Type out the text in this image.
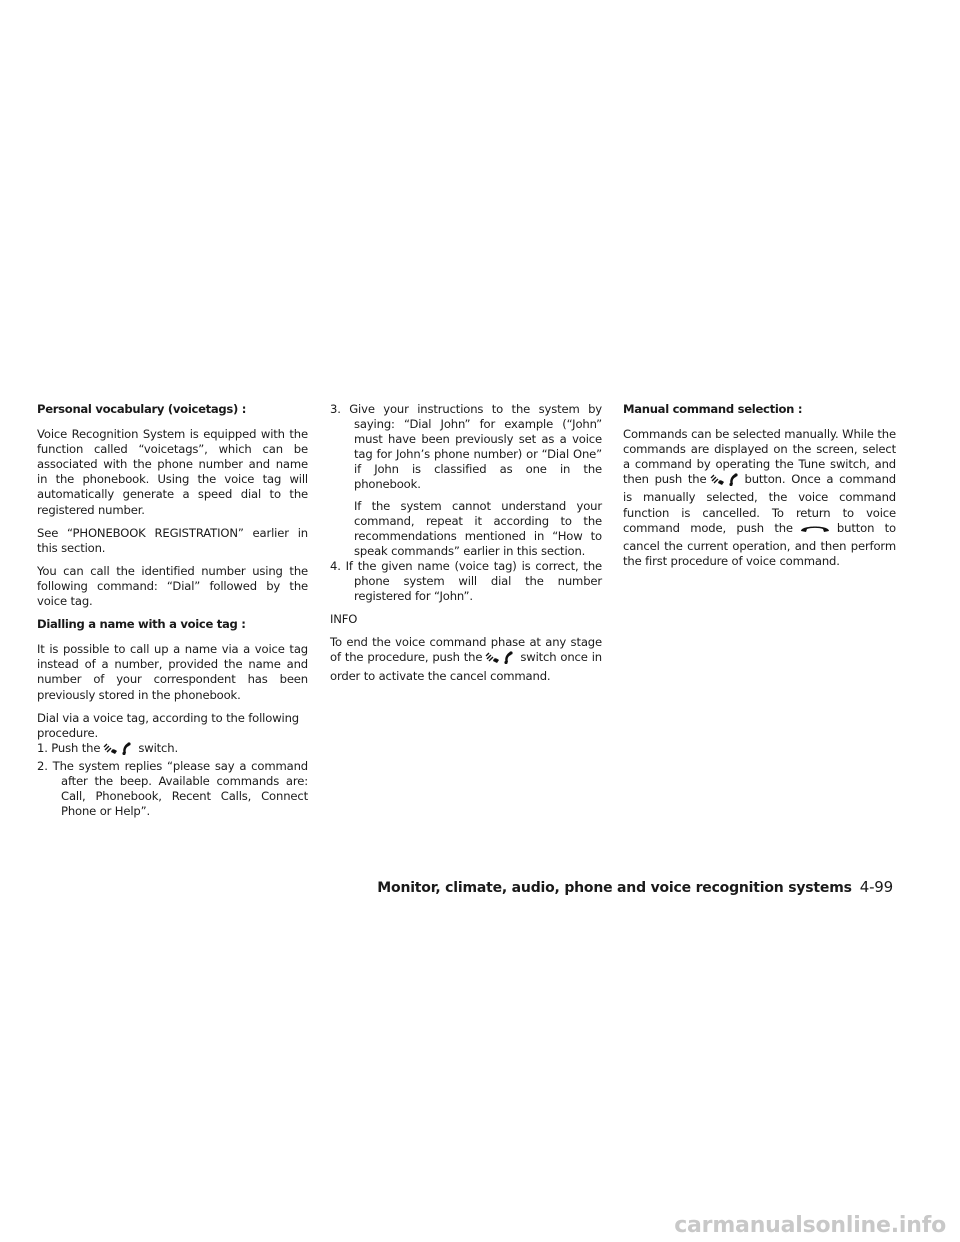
Personal vocabulary (voicetags) :

Voice Recognition System is equipped with the function called “voicetags”, which can be associated with the phone number and name in the phonebook. Using the voice tag will automatically generate a speed dial to the registered number.

See “PHONEBOOK REGISTRATION” earlier in this section.

You can call the identified number using the following command: “Dial” followed by the voice tag.

Dialling a name with a voice tag :

It is possible to call up a name via a voice tag instead of a number, provided the name and number of your correspondent has been previously stored in the phonebook.

Dial via a voice tag, according to the following procedure.

1. Push the	switch.

2. The system replies “please say a command after the beep. Available commands are: Call, Phonebook, Recent Calls, Connect Phone or Help”.

3. Give your instructions to the system by saying: “Dial John” for example (“John” must have been previously set as a voice tag for John’s phone number) or “Dial One” if John is classified as one in the phonebook.

If the system cannot understand your command, repeat it according to the recommendations mentioned in “How to speak commands” earlier in this section.

4. If the given name (voice tag) is correct, the phone system will dial the number registered for “John”.

INFO

To end the voice command phase at any stage of the procedure, push the	switch once in order to activate the cancel command.

Manual command selection :

Commands can be selected manually. While the commands are displayed on the screen, select a command by operating the Tune switch, and then push the	button. Once a command is manually selected, the voice command function is cancelled. To return to voice command mode, push the	button to cancel the current operation, and then perform the first procedure of voice command.

Monitor, climate, audio, phone and voice recognition systems 4-99
carmanualsonline.info
